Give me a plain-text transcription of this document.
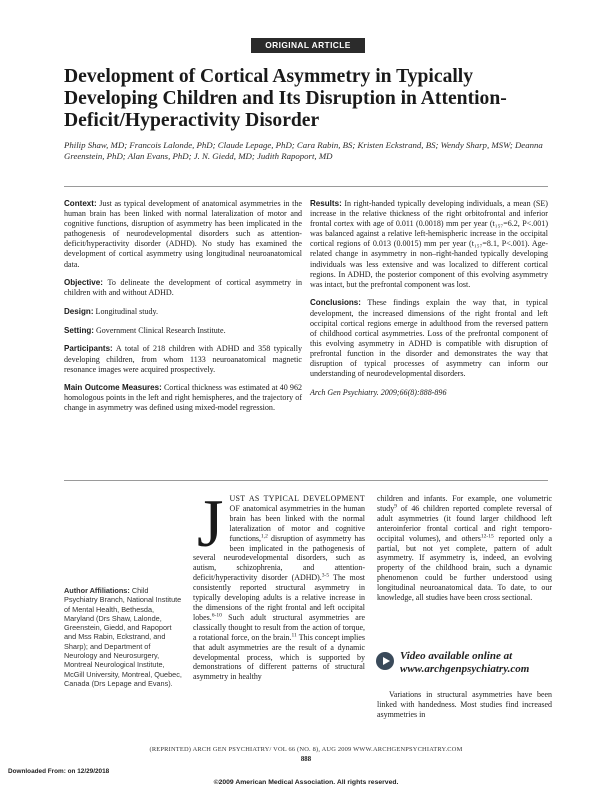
ORIGINAL ARTICLE
Development of Cortical Asymmetry in Typically Developing Children and Its Disruption in Attention-Deficit/Hyperactivity Disorder

Philip Shaw, MD; Francois Lalonde, PhD; Claude Lepage, PhD; Cara Rabin, BS; Kristen Eckstrand, BS; Wendy Sharp, MSW; Deanna Greenstein, PhD; Alan Evans, PhD; J. N. Giedd, MD; Judith Rapoport, MD

Context: Just as typical development of anatomical asymmetries in the human brain has been linked with normal lateralization of motor and cognitive functions, disruption of asymmetry has been implicated in the pathogenesis of neurodevelopmental disorders such as attention-deficit/hyperactivity disorder (ADHD). No study has examined the development of cortical asymmetry using longitudinal neuroanatomical data.

Objective: To delineate the development of cortical asymmetry in children with and without ADHD.

Design: Longitudinal study.

Setting: Government Clinical Research Institute.

Participants: A total of 218 children with ADHD and 358 typically developing children, from whom 1133 neuroanatomical magnetic resonance images were acquired prospectively.

Main Outcome Measures: Cortical thickness was estimated at 40 962 homologous points in the left and right hemispheres, and the trajectory of change in asymmetry was defined using mixed-model regression.

Results: In right-handed typically developing individuals, a mean (SE) increase in the relative thickness of the right orbitofrontal and inferior frontal cortex with age of 0.011 (0.0018) mm per year (t₁₅₇=6.2, P<.001) was balanced against a relative left-hemispheric increase in the occipital cortical regions of 0.013 (0.0015) mm per year (t₁₅₇=8.1, P<.001). Age-related change in asymmetry in non–right-handed typically developing individuals was less extensive and was localized to different cortical regions. In ADHD, the posterior component of this evolving asymmetry was intact, but the prefrontal component was lost.

Conclusions: These findings explain the way that, in typical development, the increased dimensions of the right frontal and left occipital cortical regions emerge in adulthood from the reversed pattern of childhood cortical asymmetries. Loss of the prefrontal component of this evolving asymmetry in ADHD is compatible with disruption of prefrontal function in the disorder and demonstrates the way that disruption of typical processes of asymmetry can inform our understanding of neurodevelopmental disorders.

Arch Gen Psychiatry. 2009;66(8):888-896

Author Affiliations: Child Psychiatry Branch, National Institute of Mental Health, Bethesda, Maryland (Drs Shaw, Lalonde, Greenstein, Giedd, and Rapoport and Mss Rabin, Eckstrand, and Sharp); and Department of Neurology and Neurosurgery, Montreal Neurological Institute, McGill University, Montreal, Quebec, Canada (Drs Lepage and Evans).

JUST AS TYPICAL DEVELOPMENT OF anatomical asymmetries in the human brain has been linked with the normal lateralization of motor and cognitive functions,$^{1,2}$ disruption of asymmetry has been implicated in the pathogenesis of several neurodevelopmental disorders, such as autism, schizophrenia, and attention-deficit/hyperactivity disorder (ADHD).$^{3-5}$ The most consistently reported structural asymmetry in typically developing adults is a relative increase in the dimensions of the right frontal and left occipital lobes.$^{6-10}$ Such adult structural asymmetries are classically thought to result from the action of torque, a rotational force, on the brain.$^{11}$ This concept implies that adult asymmetries are the result of a dynamic developmental process, which is supported by demonstrations of different patterns of structural asymmetry in healthy

children and infants. For example, one volumetric study$^9$ of 46 children reported complete reversal of adult asymmetries (it found larger childhood left anteroinferior frontal cortical and right temporo-occipital volumes), and others$^{12-15}$ reported only a partial, but not yet complete, pattern of adult asymmetry. If asymmetry is, indeed, an evolving property of the childhood brain, such a dynamic phenomenon could be further understood using longitudinal neuroanatomical data. To date, to our knowledge, all studies have been cross sectional.

Video available online at
www.archgenpsychiatry.com

Variations in structural asymmetries have been linked with handedness. Most studies find increased asymmetries in

(REPRINTED) ARCH GEN PSYCHIATRY/ VOL 66 (NO. 8), AUG 2009 WWW.ARCHGENPSYCHIATRY.COM
888
Downloaded From: on 12/29/2018
©2009 American Medical Association. All rights reserved.
